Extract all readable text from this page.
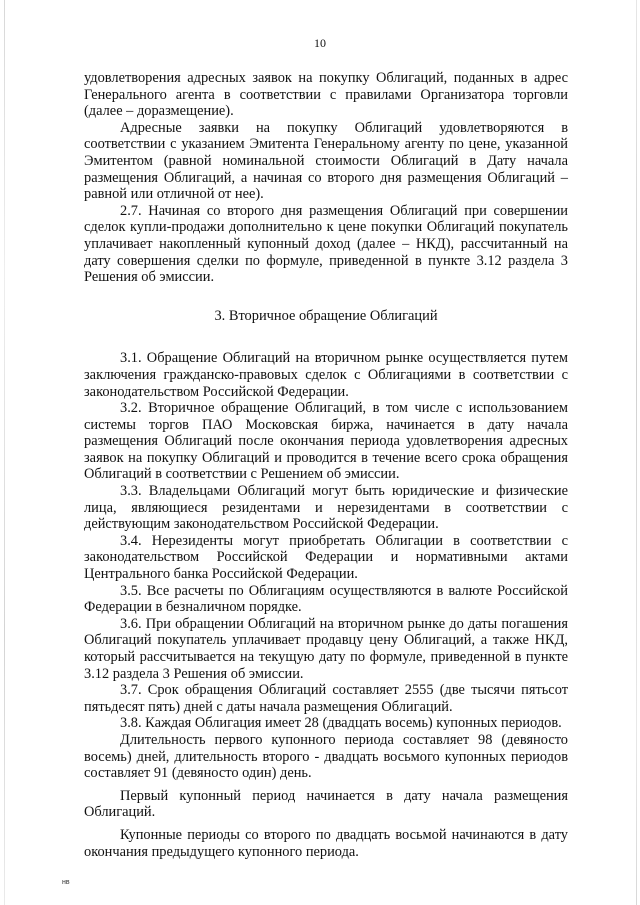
10

удовлетворения адресных заявок на покупку Облигаций, поданных в адрес Генерального агента в соответствии с правилами Организатора торговли (далее – доразмещение).

Адресные заявки на покупку Облигаций удовлетворяются в соответствии с указанием Эмитента Генеральному агенту по цене, указанной Эмитентом (равной номинальной стоимости Облигаций в Дату начала размещения Облигаций, а начиная со второго дня размещения Облигаций – равной или отличной от нее).

2.7. Начиная со второго дня размещения Облигаций при совершении сделок купли-продажи дополнительно к цене покупки Облигаций покупатель уплачивает накопленный купонный доход (далее – НКД), рассчитанный на дату совершения сделки по формуле, приведенной в пункте 3.12 раздела 3 Решения об эмиссии.

3. Вторичное обращение Облигаций

3.1. Обращение Облигаций на вторичном рынке осуществляется путем заключения гражданско-правовых сделок с Облигациями в соответствии с законодательством Российской Федерации.

3.2. Вторичное обращение Облигаций, в том числе с использованием системы торгов ПАО Московская биржа, начинается в дату начала размещения Облигаций после окончания периода удовлетворения адресных заявок на покупку Облигаций и проводится в течение всего срока обращения Облигаций в соответствии с Решением об эмиссии.

3.3. Владельцами Облигаций могут быть юридические и физические лица, являющиеся резидентами и нерезидентами в соответствии с действующим законодательством Российской Федерации.

3.4. Нерезиденты могут приобретать Облигации в соответствии с законодательством Российской Федерации и нормативными актами Центрального банка Российской Федерации.

3.5. Все расчеты по Облигациям осуществляются в валюте Российской Федерации в безналичном порядке.

3.6. При обращении Облигаций на вторичном рынке до даты погашения Облигаций покупатель уплачивает продавцу цену Облигаций, а также НКД, который рассчитывается на текущую дату по формуле, приведенной в пункте 3.12 раздела 3 Решения об эмиссии.

3.7. Срок обращения Облигаций составляет 2555 (две тысячи пятьсот пятьдесят пять) дней с даты начала размещения Облигаций.

3.8. Каждая Облигация имеет 28 (двадцать восемь) купонных периодов.

Длительность первого купонного периода составляет 98 (девяносто восемь) дней, длительность второго - двадцать восьмого купонных периодов составляет 91 (девяносто один) день.

Первый купонный период начинается в дату начала размещения Облигаций.

Купонные периоды со второго по двадцать восьмой начинаются в дату окончания предыдущего купонного периода.

нв
